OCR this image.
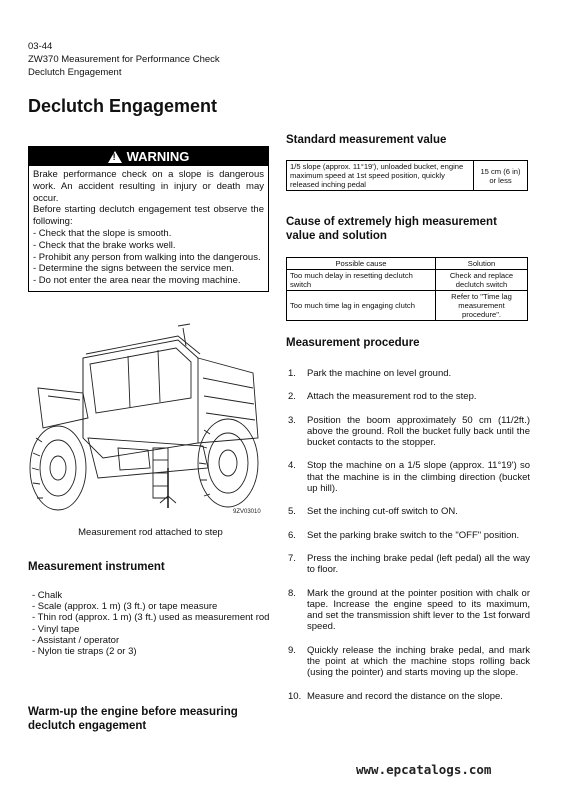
03-44
ZW370 Measurement for Performance Check
Declutch Engagement
Declutch Engagement
!
WARNING

Brake performance check on a slope is dangerous work. An accident resulting in injury or death may occur.

Before starting declutch engagement test observe the following:

- Check that the slope is smooth.
- Check that the brake works well.
- Prohibit any person from walking into the dangerous.
- Determine the signs between the service men.
- Do not enter the area near the moving machine.
9ZV03010
Measurement rod attached to step
Measurement instrument
- Chalk
- Scale (approx. 1 m) (3 ft.) or tape measure
- Thin rod (approx. 1 m) (3 ft.) used as measurement rod
- Vinyl tape
- Assistant / operator
- Nylon tie straps (2 or 3)
Warm-up the engine before measuring
declutch engagement
Standard measurement value
1/5 slope (approx. 11°19'), unloaded bucket, engine maximum speed at 1st speed position, quickly released inching pedal	15 cm (6 in) or less
Cause of extremely high measurement
value and solution
Possible cause	Solution
Too much delay in resetting declutch switch	Check and replace declutch switch
Too much time lag in engaging clutch	Refer to "Time lag measurement procedure".
Measurement procedure
1.	Park the machine on level ground.
2.	Attach the measurement rod to the step.
3.	Position the boom approximately 50 cm (11/2ft.) above the ground. Roll the bucket fully back until the bucket contacts to the stopper.
4.	Stop the machine on a 1/5 slope (approx. 11°19') so that the machine is in the climbing direction (bucket up hill).
5.	Set the inching cut-off switch to ON.
6.	Set the parking brake switch to the "OFF" position.
7.	Press the inching brake pedal (left pedal) all the way to floor.
8.	Mark the ground at the pointer position with chalk or tape. Increase the engine speed to its maximum, and set the transmission shift lever to the 1st forward speed.
9.	Quickly release the inching brake pedal, and mark the point at which the machine stops rolling back (using the pointer) and starts moving up the slope.
10. Measure and record the distance on the slope.
www.epcatalogs.com
